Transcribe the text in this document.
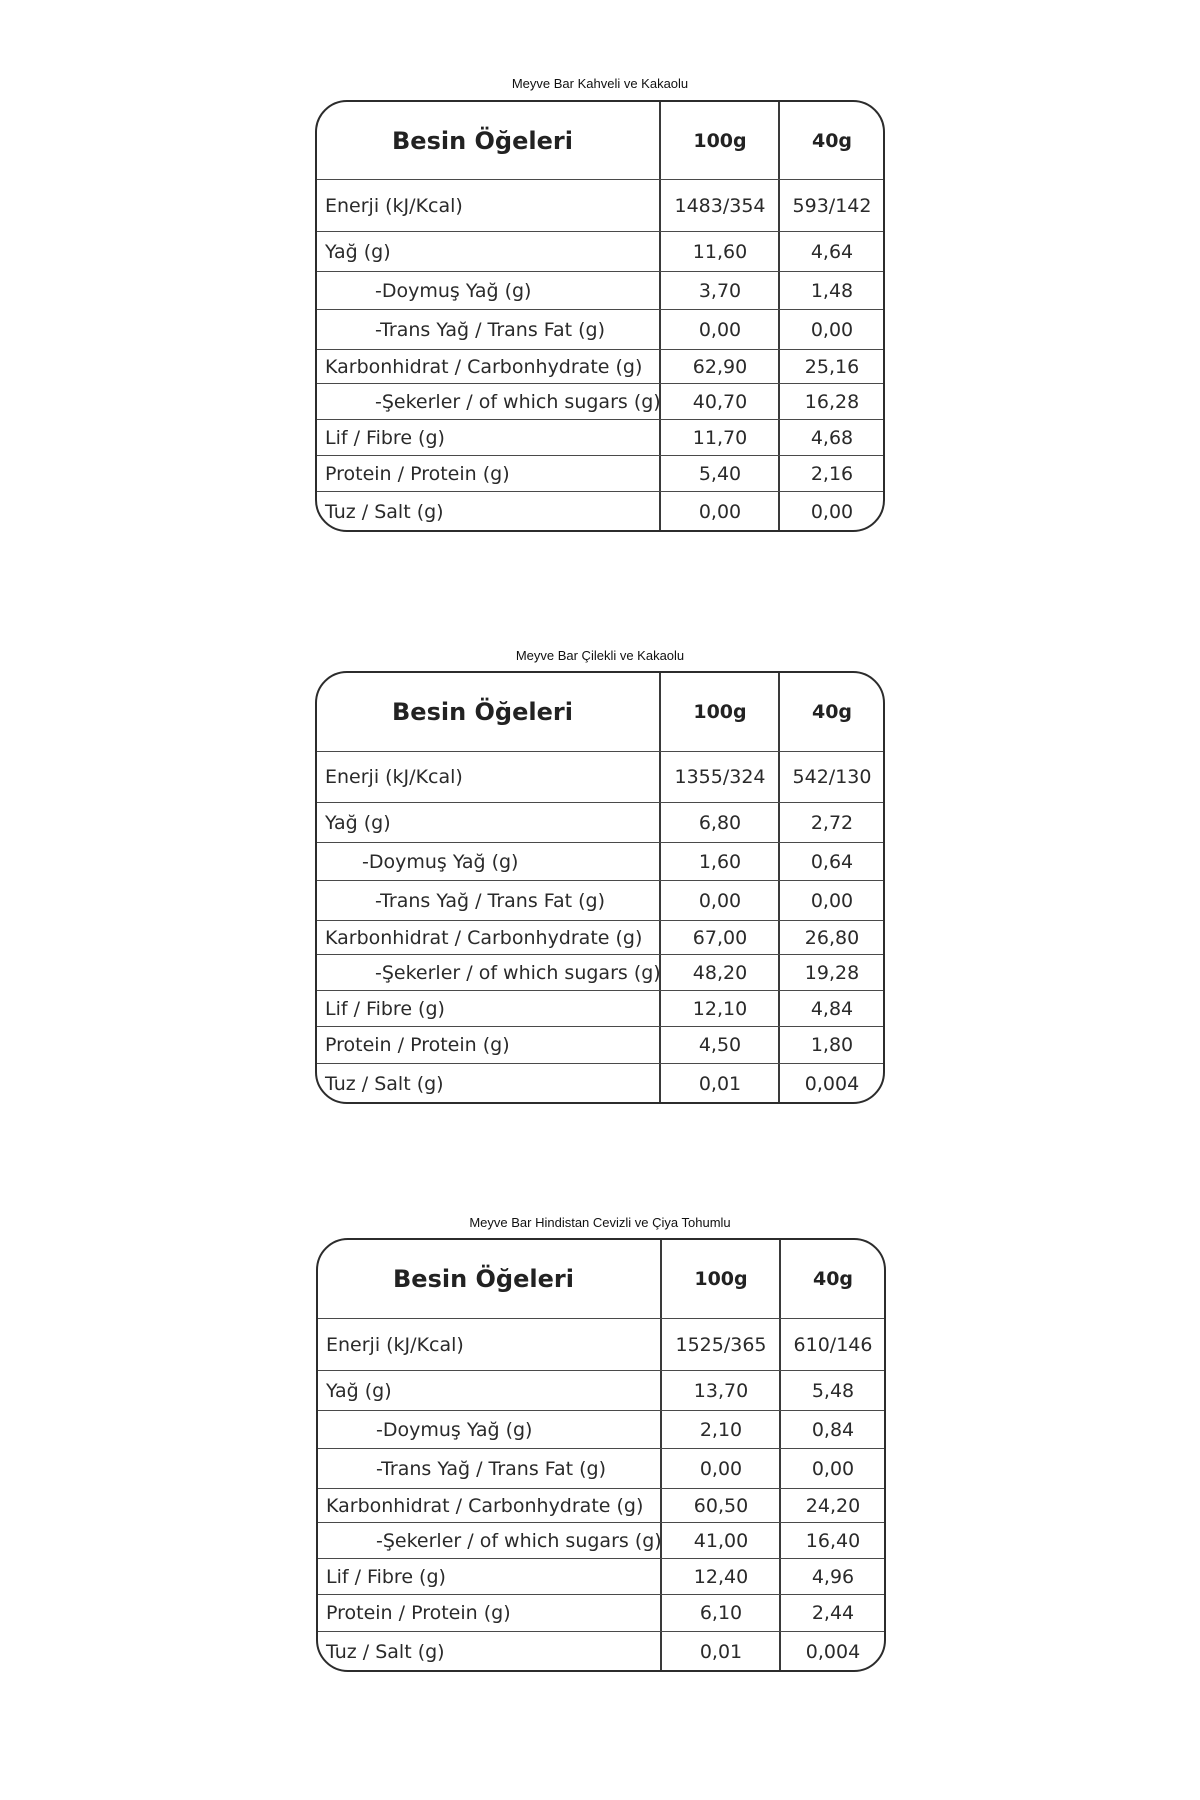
Meyve Bar Kahveli ve Kakaolu
Besin Öğeleri	100g	40g
Enerji (kJ/Kcal)	1483/354	593/142
Yağ (g)	11,60	4,64
-Doymuş Yağ (g)	3,70	1,48
-Trans Yağ / Trans Fat (g)	0,00	0,00
Karbonhidrat / Carbonhydrate (g)	62,90	25,16
-Şekerler / of which sugars (g)	40,70	16,28
Lif / Fibre (g)	11,70	4,68
Protein / Protein (g)	5,40	2,16
Tuz / Salt (g)	0,00	0,00
Meyve Bar Çilekli ve Kakaolu
Besin Öğeleri	100g	40g
Enerji (kJ/Kcal)	1355/324	542/130
Yağ (g)	6,80	2,72
-Doymuş Yağ (g)	1,60	0,64
-Trans Yağ / Trans Fat (g)	0,00	0,00
Karbonhidrat / Carbonhydrate (g)	67,00	26,80
-Şekerler / of which sugars (g)	48,20	19,28
Lif / Fibre (g)	12,10	4,84
Protein / Protein (g)	4,50	1,80
Tuz / Salt (g)	0,01	0,004
Meyve Bar Hindistan Cevizli ve Çiya Tohumlu
Besin Öğeleri	100g	40g
Enerji (kJ/Kcal)	1525/365	610/146
Yağ (g)	13,70	5,48
-Doymuş Yağ (g)	2,10	0,84
-Trans Yağ / Trans Fat (g)	0,00	0,00
Karbonhidrat / Carbonhydrate (g)	60,50	24,20
-Şekerler / of which sugars (g)	41,00	16,40
Lif / Fibre (g)	12,40	4,96
Protein / Protein (g)	6,10	2,44
Tuz / Salt (g)	0,01	0,004
